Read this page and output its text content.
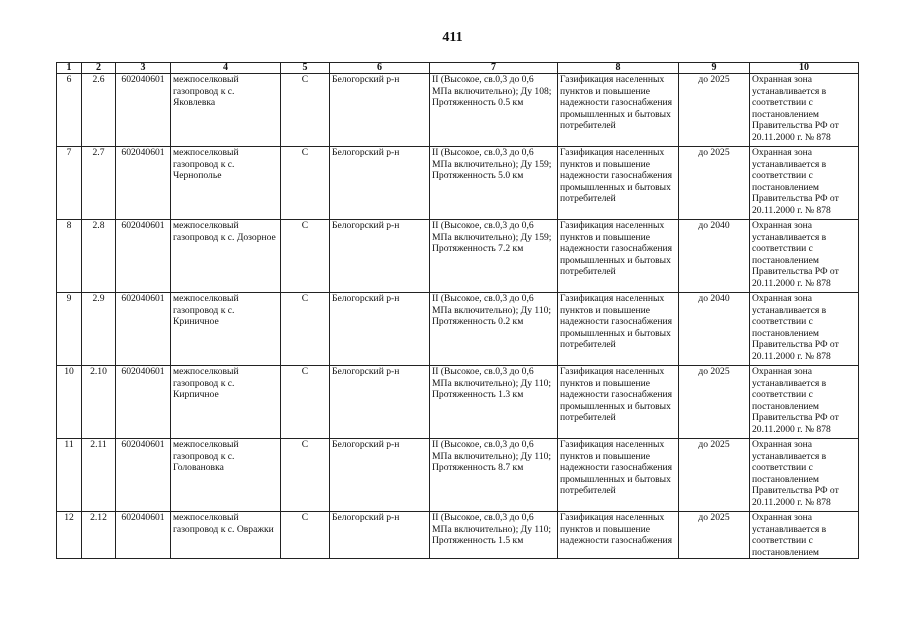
411
1	2	3	4	5	6	7	8	9	10
6	2.6	602040601	межпоселковый газопровод к с. Яковлевка	С	Белогорский р-н	II (Высокое, св.0,3 до 0,6 МПа включительно); Ду 108; Протяженность 0.5 км	Газификация населенных пунктов и повышение надежности газоснабжения промышленных и бытовых потребителей	до 2025	Охранная зона устанавливается в соответствии с постановлением Правительства РФ от 20.11.2000 г. № 878
7	2.7	602040601	межпоселковый газопровод к с. Чернополье	С	Белогорский р-н	II (Высокое, св.0,3 до 0,6 МПа включительно); Ду 159; Протяженность 5.0 км	Газификация населенных пунктов и повышение надежности газоснабжения промышленных и бытовых потребителей	до 2025	Охранная зона устанавливается в соответствии с постановлением Правительства РФ от 20.11.2000 г. № 878
8	2.8	602040601	межпоселковый газопровод к с. Дозорное	С	Белогорский р-н	II (Высокое, св.0,3 до 0,6 МПа включительно); Ду 159; Протяженность 7.2 км	Газификация населенных пунктов и повышение надежности газоснабжения промышленных и бытовых потребителей	до 2040	Охранная зона устанавливается в соответствии с постановлением Правительства РФ от 20.11.2000 г. № 878
9	2.9	602040601	межпоселковый газопровод к с. Криничное	С	Белогорский р-н	II (Высокое, св.0,3 до 0,6 МПа включительно); Ду 110; Протяженность 0.2 км	Газификация населенных пунктов и повышение надежности газоснабжения промышленных и бытовых потребителей	до 2040	Охранная зона устанавливается в соответствии с постановлением Правительства РФ от 20.11.2000 г. № 878
10	2.10	602040601	межпоселковый газопровод к с. Кирпичное	С	Белогорский р-н	II (Высокое, св.0,3 до 0,6 МПа включительно); Ду 110; Протяженность 1.3 км	Газификация населенных пунктов и повышение надежности газоснабжения промышленных и бытовых потребителей	до 2025	Охранная зона устанавливается в соответствии с постановлением Правительства РФ от 20.11.2000 г. № 878
11	2.11	602040601	межпоселковый газопровод к с. Головановка	С	Белогорский р-н	II (Высокое, св.0,3 до 0,6 МПа включительно); Ду 110; Протяженность 8.7 км	Газификация населенных пунктов и повышение надежности газоснабжения промышленных и бытовых потребителей	до 2025	Охранная зона устанавливается в соответствии с постановлением Правительства РФ от 20.11.2000 г. № 878
12	2.12	602040601	межпоселковый газопровод к с. Овражки	С	Белогорский р-н	II (Высокое, св.0,3 до 0,6 МПа включительно); Ду 110; Протяженность 1.5 км	Газификация населенных пунктов и повышение надежности газоснабжения	до 2025	Охранная зона устанавливается в соответствии с постановлением
